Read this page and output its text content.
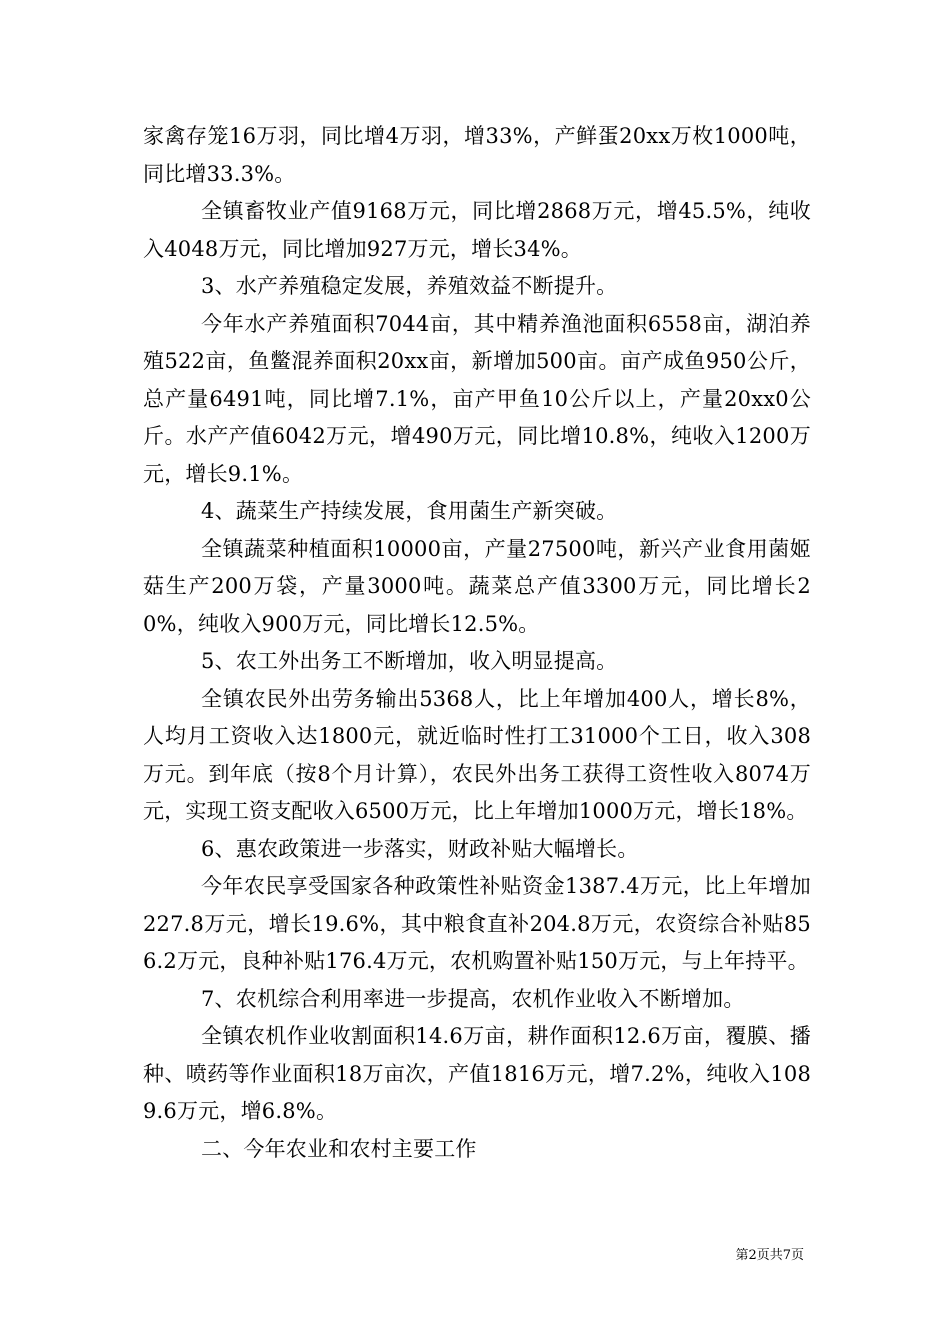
家禽存笼16万羽，同比增4万羽，增33%，产鲜蛋20xx万枚1000吨，同比增33.3%。

全镇畜牧业产值9168万元，同比增2868万元，增45.5%，纯收入4048万元，同比增加927万元，增长34%。

3、水产养殖稳定发展，养殖效益不断提升。

今年水产养殖面积7044亩，其中精养渔池面积6558亩，湖泊养殖522亩，鱼鳖混养面积20xx亩，新增加500亩。亩产成鱼950公斤，总产量6491吨，同比增7.1%，亩产甲鱼10公斤以上，产量20xx0公斤。水产产值6042万元，增490万元，同比增10.8%，纯收入1200万元，增长9.1%。

4、蔬菜生产持续发展，食用菌生产新突破。

全镇蔬菜种植面积10000亩，产量27500吨，新兴产业食用菌姬菇生产200万袋，产量3000吨。蔬菜总产值3300万元，同比增长20%，纯收入900万元，同比增长12.5%。

5、农工外出务工不断增加，收入明显提高。

全镇农民外出劳务输出5368人，比上年增加400人，增长8%，人均月工资收入达1800元，就近临时性打工31000个工日，收入308万元。到年底（按8个月计算），农民外出务工获得工资性收入8074万元，实现工资支配收入6500万元，比上年增加1000万元，增长18%。

6、惠农政策进一步落实，财政补贴大幅增长。

今年农民享受国家各种政策性补贴资金1387.4万元，比上年增加227.8万元，增长19.6%，其中粮食直补204.8万元，农资综合补贴856.2万元，良种补贴176.4万元，农机购置补贴150万元，与上年持平。

7、农机综合利用率进一步提高，农机作业收入不断增加。

全镇农机作业收割面积14.6万亩，耕作面积12.6万亩，覆膜、播种、喷药等作业面积18万亩次，产值1816万元，增7.2%，纯收入1089.6万元，增6.8%。

二、今年农业和农村主要工作

第2页共7页
